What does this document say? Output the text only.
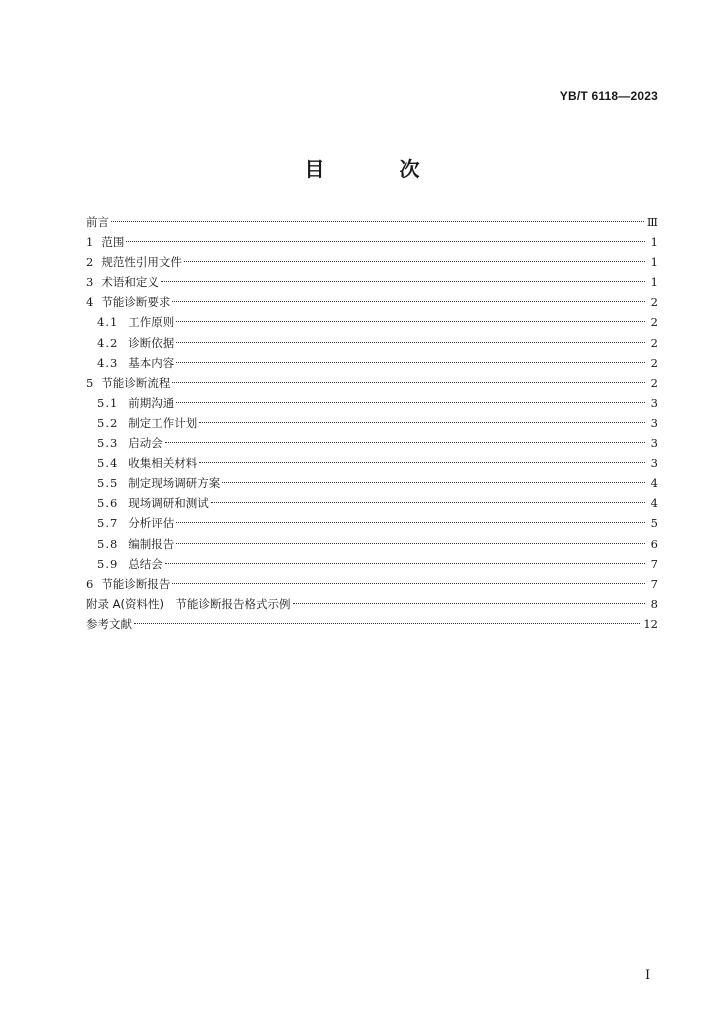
YB/T 6118—2023
目 次
前言	Ⅲ
1 范围	1
2 规范性引用文件	1
3 术语和定义	1
4 节能诊断要求	2
4.1 工作原则	2
4.2 诊断依据	2
4.3 基本内容	2
5 节能诊断流程	2
5.1 前期沟通	3
5.2 制定工作计划	3
5.3 启动会	3
5.4 收集相关材料	3
5.5 制定现场调研方案	4
5.6 现场调研和测试	4
5.7 分析评估	5
5.8 编制报告	6
5.9 总结会	7
6 节能诊断报告	7
附录 A(资料性)　节能诊断报告格式示例	8
参考文献	12
I
